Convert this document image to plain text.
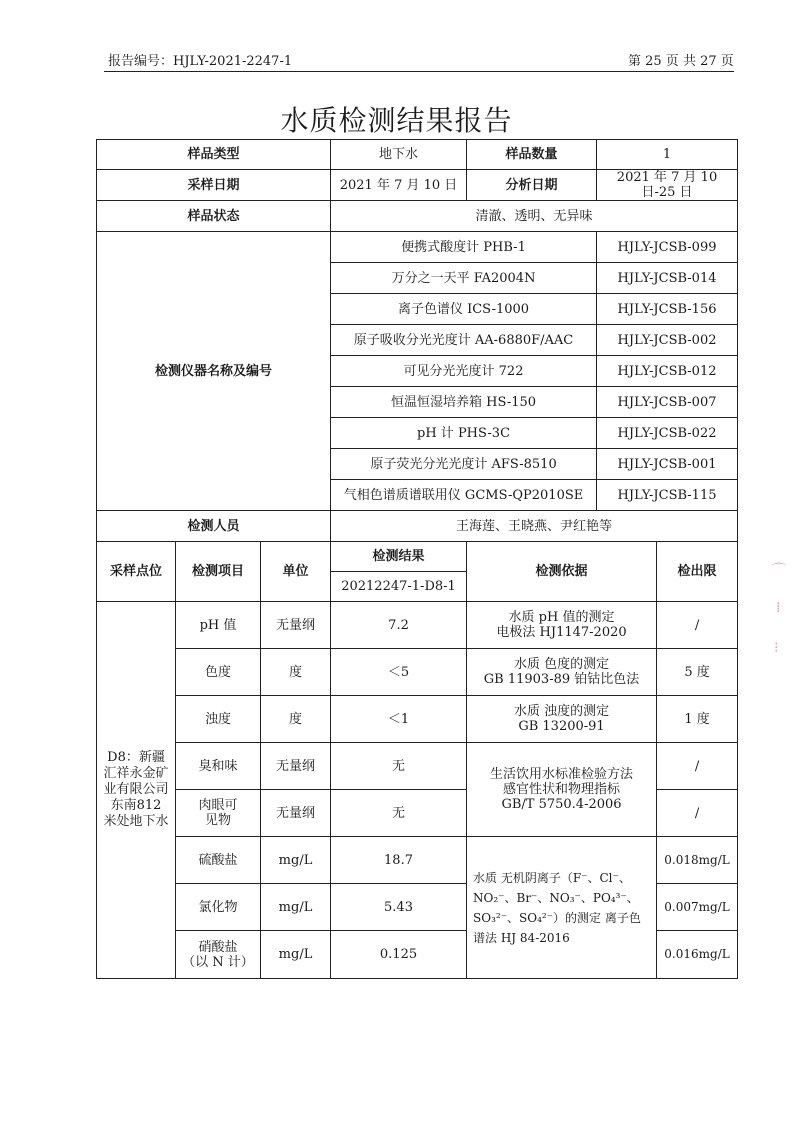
报告编号：HJLY-2021-2247-1	第 25 页 共 27 页
水质检测结果报告
样品类型			地下水	样品数量	1	
采样日期			2021 年 7 月 10 日	分析日期	2021 年 7 月 10 日-25 日	
样品状态			清澈、透明、无异味			
检测仪器名称及编号			便携式酸度计 PHB-1		HJLY-JCSB-099	
			万分之一天平 FA2004N		HJLY-JCSB-014	
			离子色谱仪 ICS-1000		HJLY-JCSB-156	
			原子吸收分光光度计 AA-6880F/AAC		HJLY-JCSB-002	
			可见分光光度计 722		HJLY-JCSB-012	
			恒温恒湿培养箱 HS-150		HJLY-JCSB-007	
			pH 计 PHS-3C		HJLY-JCSB-022	
			原子荧光分光光度计 AFS-8510		HJLY-JCSB-001	
			气相色谱质谱联用仪 GCMS-QP2010SE		HJLY-JCSB-115	
检测人员			王海莲、王晓燕、尹红艳等			
采样点位	检测项目	单位	检测结果	检测依据		检出限
			20212247-1-D8-1			

D8：新疆汇祥永金矿业有限公司东南812 米处地下水	pH 值	无量纲	7.2	水质 pH 值的测定
电极法 HJ1147-2020		/
	色度	度	＜5	水质 色度的测定
GB 11903-89 铂钴比色法		5 度
	浊度	度	＜1	水质 浊度的测定
GB 13200-91		1 度
	臭和味	无量纲	无	生活饮用水标准检验方法
感官性状和物理指标
GB/T 5750.4-2006		/
	肉眼可
见物	无量纲	无			/
	硫酸盐	mg/L	18.7	水质 无机阴离子（F⁻、Cl⁻、NO₂⁻、Br⁻、NO₃⁻、PO₄³⁻、SO₃²⁻、SO₄²⁻）的测定 离子色谱法 HJ 84-2016		0.018mg/L
	氯化物	mg/L	5.43			0.007mg/L
	硝酸盐
（以 N 计）	mg/L	0.125			0.016mg/L
⌒
⁞
⁝
